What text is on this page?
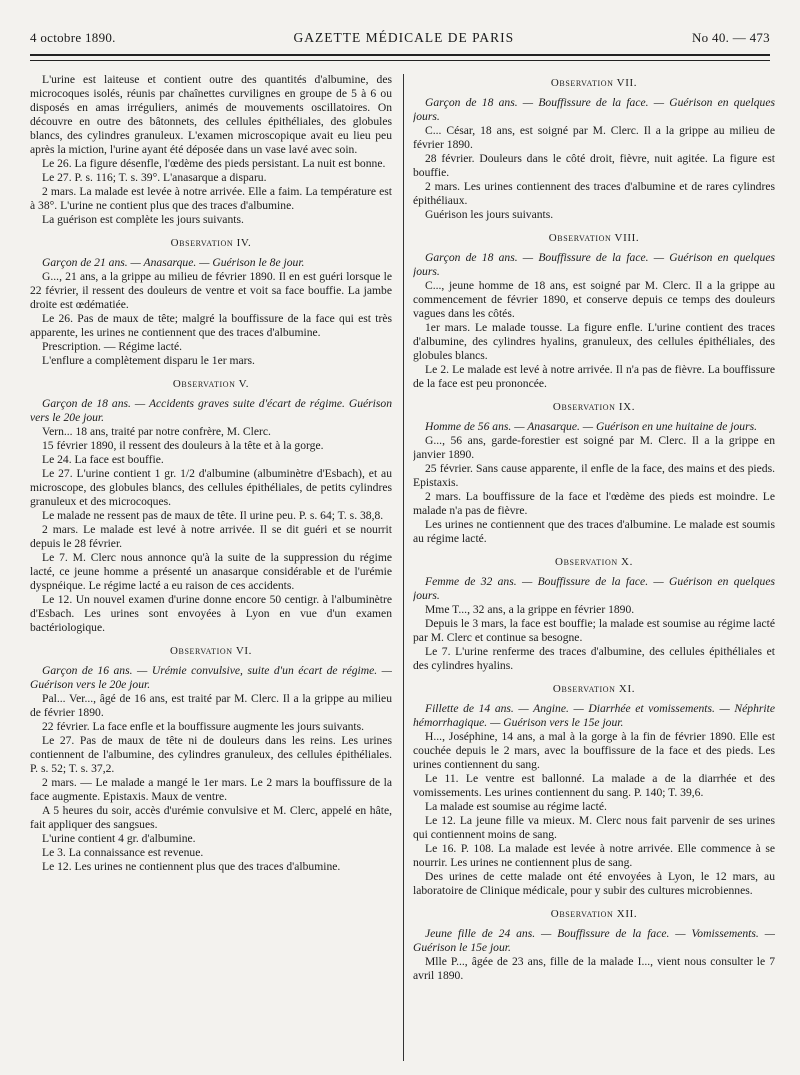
4 octobre 1890.	GAZETTE MÉDICALE DE PARIS	No 40. — 473

L'urine est laiteuse et contient outre des quantités d'albumine, des microcoques isolés, réunis par chaînettes curvilignes en groupe de 5 à 6 ou disposés en amas irréguliers, animés de mouvements oscillatoires. On découvre en outre des bâtonnets, des cellules épithéliales, des globules blancs, des cylindres granuleux. L'examen microscopique avait eu lieu peu après la miction, l'urine ayant été déposée dans un vase lavé avec soin.

Le 26. La figure désenfle, l'œdème des pieds persistant. La nuit est bonne.

Le 27. P. s. 116; T. s. 39°. L'anasarque a disparu.

2 mars. La malade est levée à notre arrivée. Elle a faim. La température est à 38°. L'urine ne contient plus que des traces d'albumine.

La guérison est complète les jours suivants.

Observation IV.

Garçon de 21 ans. — Anasarque. — Guérison le 8e jour.

G..., 21 ans, a la grippe au milieu de février 1890. Il en est guéri lorsque le 22 février, il ressent des douleurs de ventre et voit sa face bouffie. La jambe droite est œdématiée.

Le 26. Pas de maux de tête; malgré la bouffissure de la face qui est très apparente, les urines ne contiennent que des traces d'albumine.

Prescription. — Régime lacté.

L'enflure a complètement disparu le 1er mars.

Observation V.

Garçon de 18 ans. — Accidents graves suite d'écart de régime. Guérison vers le 20e jour.

Vern... 18 ans, traité par notre confrère, M. Clerc.

15 février 1890, il ressent des douleurs à la tête et à la gorge.

Le 24. La face est bouffie.

Le 27. L'urine contient 1 gr. 1/2 d'albumine (albuminètre d'Esbach), et au microscope, des globules blancs, des cellules épithéliales, de petits cylindres granuleux et des microcoques.

Le malade ne ressent pas de maux de tête. Il urine peu. P. s. 64; T. s. 38,8.

2 mars. Le malade est levé à notre arrivée. Il se dit guéri et se nourrit depuis le 28 février.

Le 7. M. Clerc nous annonce qu'à la suite de la suppression du régime lacté, ce jeune homme a présenté un anasarque considérable et de l'urémie dyspnéique. Le régime lacté a eu raison de ces accidents.

Le 12. Un nouvel examen d'urine donne encore 50 centigr. à l'albuminètre d'Esbach. Les urines sont envoyées à Lyon en vue d'un examen bactériologique.

Observation VI.

Garçon de 16 ans. — Urémie convulsive, suite d'un écart de régime. — Guérison vers le 20e jour.

Pal... Ver..., âgé de 16 ans, est traité par M. Clerc. Il a la grippe au milieu de février 1890.

22 février. La face enfle et la bouffissure augmente les jours suivants.

Le 27. Pas de maux de tête ni de douleurs dans les reins. Les urines contiennent de l'albumine, des cylindres granuleux, des cellules épithéliales. P. s. 52; T. s. 37,2.

2 mars. — Le malade a mangé le 1er mars. Le 2 mars la bouffissure de la face augmente. Epistaxis. Maux de ventre.

A 5 heures du soir, accès d'urémie convulsive et M. Clerc, appelé en hâte, fait appliquer des sangsues.

L'urine contient 4 gr. d'albumine.

Le 3. La connaissance est revenue.

Le 12. Les urines ne contiennent plus que des traces d'albumine.

Observation VII.

Garçon de 18 ans. — Bouffissure de la face. — Guérison en quelques jours.

C... César, 18 ans, est soigné par M. Clerc. Il a la grippe au milieu de février 1890.

28 février. Douleurs dans le côté droit, fièvre, nuit agitée. La figure est bouffie.

2 mars. Les urines contiennent des traces d'albumine et de rares cylindres épithéliaux.

Guérison les jours suivants.

Observation VIII.

Garçon de 18 ans. — Bouffissure de la face. — Guérison en quelques jours.

C..., jeune homme de 18 ans, est soigné par M. Clerc. Il a la grippe au commencement de février 1890, et conserve depuis ce temps des douleurs vagues dans les côtés.

1er mars. Le malade tousse. La figure enfle. L'urine contient des traces d'albumine, des cylindres hyalins, granuleux, des cellules épithéliales, des globules blancs.

Le 2. Le malade est levé à notre arrivée. Il n'a pas de fièvre. La bouffissure de la face est peu prononcée.

Observation IX.

Homme de 56 ans. — Anasarque. — Guérison en une huitaine de jours.

G..., 56 ans, garde-forestier est soigné par M. Clerc. Il a la grippe en janvier 1890.

25 février. Sans cause apparente, il enfle de la face, des mains et des pieds. Epistaxis.

2 mars. La bouffissure de la face et l'œdème des pieds est moindre. Le malade n'a pas de fièvre.

Les urines ne contiennent que des traces d'albumine. Le malade est soumis au régime lacté.

Observation X.

Femme de 32 ans. — Bouffissure de la face. — Guérison en quelques jours.

Mme T..., 32 ans, a la grippe en février 1890.

Depuis le 3 mars, la face est bouffie; la malade est soumise au régime lacté par M. Clerc et continue sa besogne.

Le 7. L'urine renferme des traces d'albumine, des cellules épithéliales et des cylindres hyalins.

Observation XI.

Fillette de 14 ans. — Angine. — Diarrhée et vomissements. — Néphrite hémorrhagique. — Guérison vers le 15e jour.

H..., Joséphine, 14 ans, a mal à la gorge à la fin de février 1890. Elle est couchée depuis le 2 mars, avec la bouffissure de la face et des pieds. Les urines contiennent du sang.

Le 11. Le ventre est ballonné. La malade a de la diarrhée et des vomissements. Les urines contiennent du sang. P. 140; T. 39,6.

La malade est soumise au régime lacté.

Le 12. La jeune fille va mieux. M. Clerc nous fait parvenir de ses urines qui contiennent moins de sang.

Le 16. P. 108. La malade est levée à notre arrivée. Elle commence à se nourrir. Les urines ne contiennent plus de sang.

Des urines de cette malade ont été envoyées à Lyon, le 12 mars, au laboratoire de Clinique médicale, pour y subir des cultures microbiennes.

Observation XII.

Jeune fille de 24 ans. — Bouffissure de la face. — Vomissements. — Guérison le 15e jour.

Mlle P..., âgée de 23 ans, fille de la malade I..., vient nous consulter le 7 avril 1890.
